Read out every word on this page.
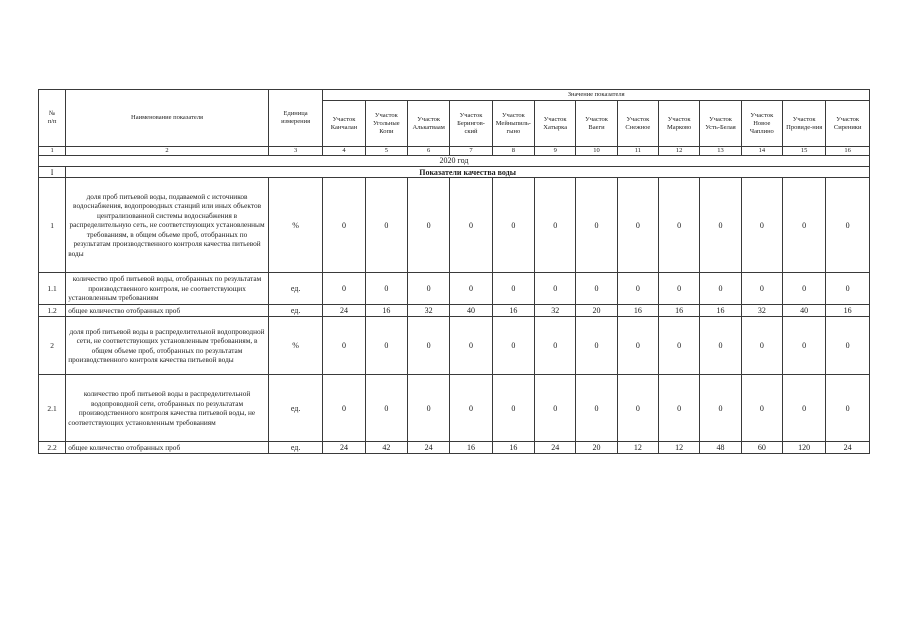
№
п/п	Наименование показателя	Единица измерения	Значение показателя												
			Участок Канчалан	Участок Угольные Копи	Участок Алькатваам	Участок Берингов-ский	Участок Мейныпиль-гыно	Участок Хатырка	Участок Ваеги	Участок Снежное	Участок Марково	Участок Усть-Белая	Участок Новое Чаплино	Участок Провиде-ния	Участок Сиреники
1	2	3	4	5	6	7	8	9	10	11	12	13	14	15	16
2020 год															
I	Показатели качества воды														
1	доля проб питьевой воды, подаваемой с источников водоснабжения, водопроводных станций или иных объектов централизованной системы водоснабжения в распределительную сеть, не соответствующих установленным требованиям, в общем объеме проб, отобранных по результатам производственного контроля качества питьевой воды	%	0	0	0	0	0	0	0	0	0	0	0	0	0
1.1	количество проб питьевой воды, отобранных по результатам производственного контроля, не соответствующих установленным требованиям	ед.	0	0	0	0	0	0	0	0	0	0	0	0	0
1.2	общее количество отобранных проб	ед.	24	16	32	40	16	32	20	16	16	16	32	40	16
2	доля проб питьевой воды в распределительной водопроводной сети, не соответствующих установленным требованиям, в общем объеме проб, отобранных по результатам производственного контроля качества питьевой воды	%	0	0	0	0	0	0	0	0	0	0	0	0	0
2.1	количество проб питьевой воды в распределительной водопроводной сети, отобранных по результатам производственного контроля качества питьевой воды, не соответствующих установленным требованиям	ед.	0	0	0	0	0	0	0	0	0	0	0	0	0
2.2	общее количество отобранных проб	ед.	24	42	24	16	16	24	20	12	12	48	60	120	24
